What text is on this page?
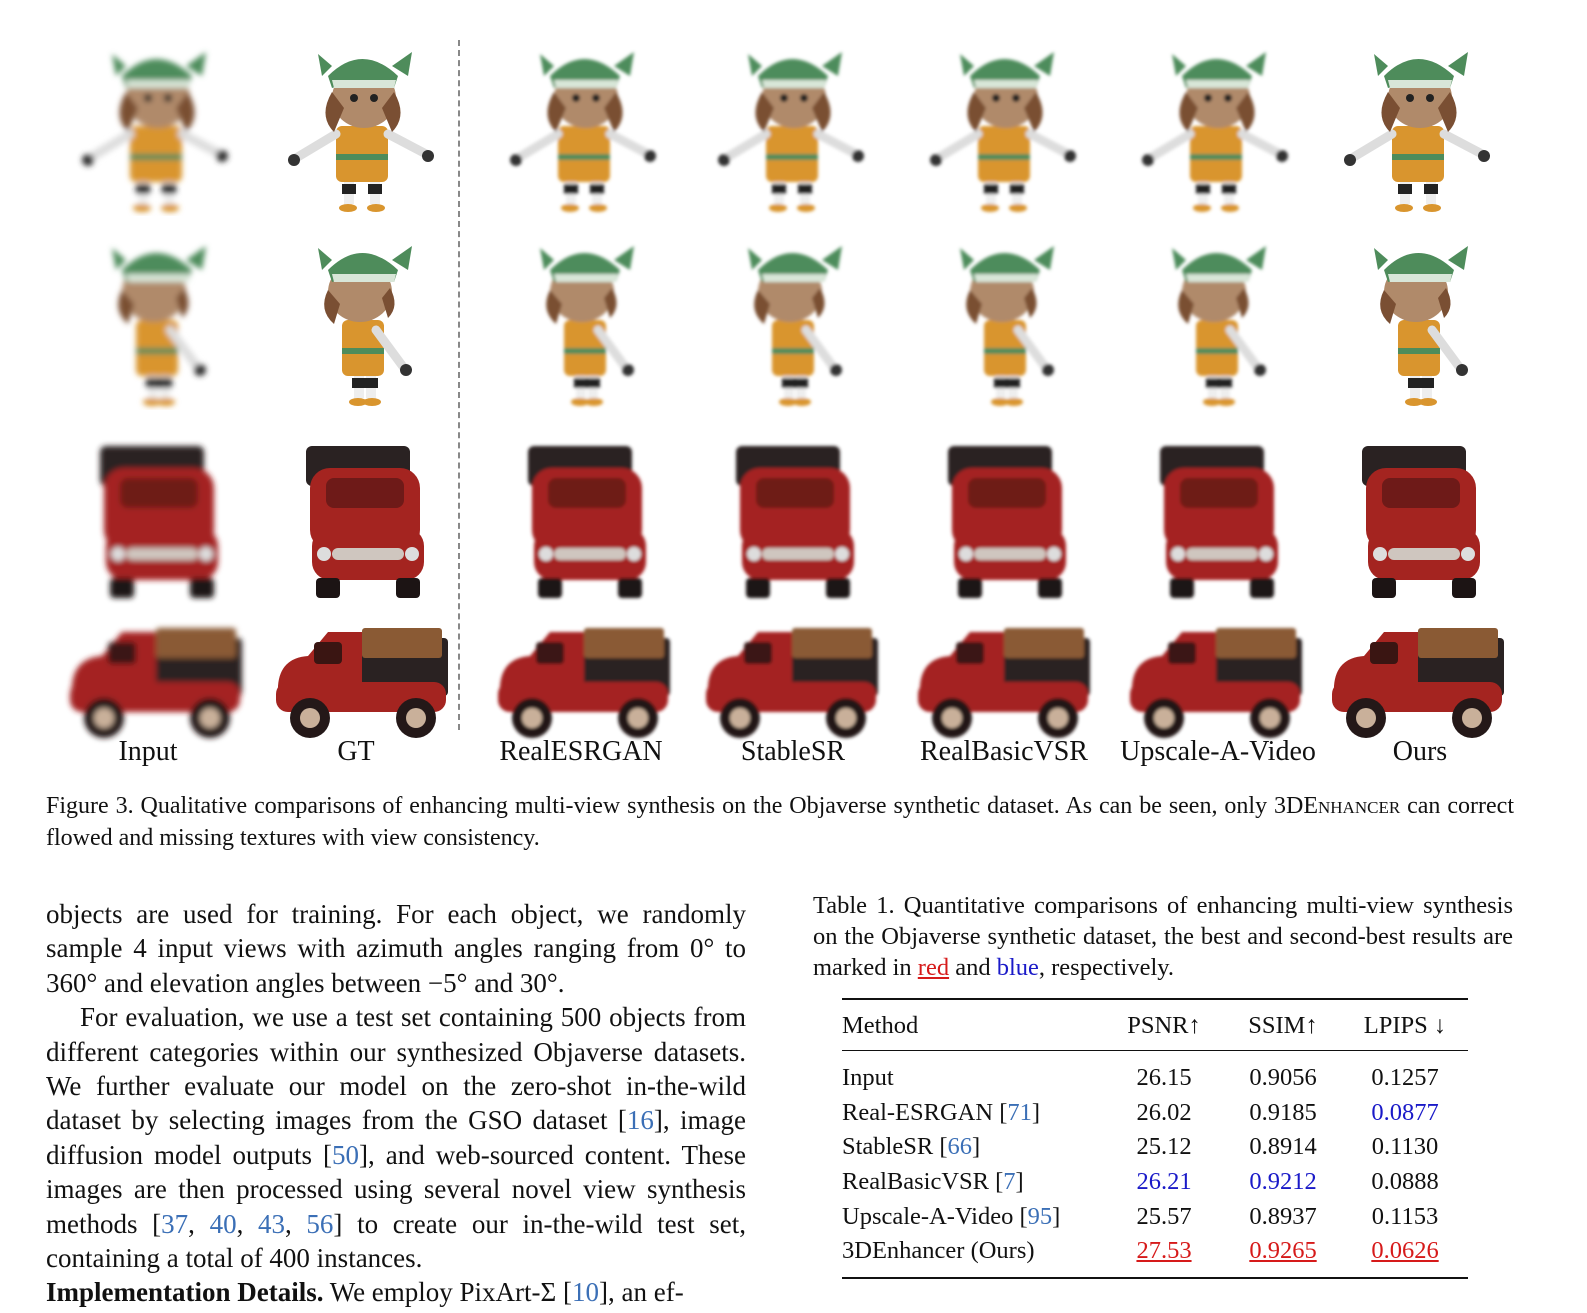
Input	GT	RealESRGAN	StableSR	RealBasicVSR	Upscale-A-Video	Ours
Figure 3. Qualitative comparisons of enhancing multi-view synthesis on the Objaverse synthetic dataset. As can be seen, only 3DEnhancer can correct flowed and missing textures with view consistency.

objects are used for training. For each object, we randomly sample 4 input views with azimuth angles ranging from 0° to 360° and elevation angles between −5° and 30°.

For evaluation, we use a test set containing 500 objects from different categories within our synthesized Objaverse datasets. We further evaluate our model on the zero-shot in-the-wild dataset by selecting images from the GSO dataset [16], image diffusion model outputs [50], and web-sourced content. These images are then processed using several novel view synthesis methods [37, 40, 43, 56] to create our in-the-wild test set, containing a total of 400 instances.

Implementation Details. We employ PixArt-Σ [10], an ef-

Table 1. Quantitative comparisons of enhancing multi-view synthesis on the Objaverse synthetic dataset, the best and second-best results are marked in red and blue, respectively.
Method	PSNR↑	SSIM↑	LPIPS ↓
Input	26.15	0.9056	0.1257
Real-ESRGAN [71]	26.02	0.9185	0.0877
StableSR [66]	25.12	0.8914	0.1130
RealBasicVSR [7]	26.21	0.9212	0.0888
Upscale-A-Video [95]	25.57	0.8937	0.1153
3DEnhancer (Ours)	27.53	0.9265	0.0626
